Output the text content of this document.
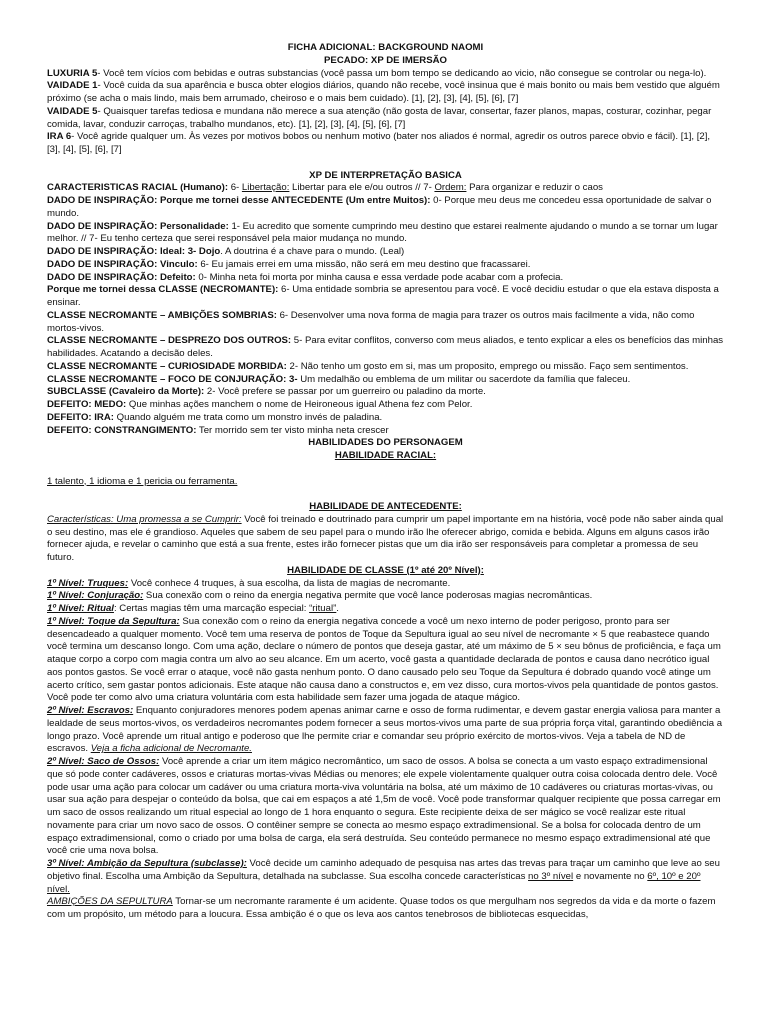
FICHA ADICIONAL: BACKGROUND NAOMI
PECADO: XP DE IMERSÃO

LUXURIA 5- Você tem vícios com bebidas e outras substancias (você passa um bom tempo se dedicando ao vicio, não consegue se controlar ou nega-lo).

VAIDADE 1- Você cuida da sua aparência e busca obter elogios diários, quando não recebe, você insinua que é mais bonito ou mais bem vestido que alguém próximo (se acha o mais lindo, mais bem arrumado, cheiroso e o mais bem cuidado). [1], [2], [3], [4], [5], [6], [7]

VAIDADE 5- Quaisquer tarefas tediosa e mundana não merece a sua atenção (não gosta de lavar, consertar, fazer planos, mapas, costurar, cozinhar, pegar comida, lavar, conduzir carroças, trabalho mundanos, etc). [1], [2], [3], [4], [5], [6], [7]

IRA 6- Você agride qualquer um. Às vezes por motivos bobos ou nenhum motivo (bater nos aliados é normal, agredir os outros parece obvio e fácil). [1], [2], [3], [4], [5], [6], [7]

XP DE INTERPRETAÇÃO BASICA

CARACTERISTICAS RACIAL (Humano): 6- Libertação: Libertar para ele e/ou outros // 7- Ordem: Para organizar e reduzir o caos

DADO DE INSPIRAÇÃO: Porque me tornei desse ANTECEDENTE (Um entre Muitos): 0- Porque meu deus me concedeu essa oportunidade de salvar o mundo.

DADO DE INSPIRAÇÃO: Personalidade: 1- Eu acredito que somente cumprindo meu destino que estarei realmente ajudando o mundo a se tornar um lugar melhor. // 7- Eu tenho certeza que serei responsável pela maior mudança no mundo.

DADO DE INSPIRAÇÃO: Ideal: 3- Dojo. A doutrina é a chave para o mundo. (Leal)

DADO DE INSPIRAÇÃO: Vinculo: 6- Eu jamais errei em uma missão, não será em meu destino que fracassarei.

DADO DE INSPIRAÇÃO: Defeito: 0- Minha neta foi morta por minha causa e essa verdade pode acabar com a profecia.

Porque me tornei dessa CLASSE (NECROMANTE): 6- Uma entidade sombria se apresentou para você. E você decidiu estudar o que ela estava disposta a ensinar.

CLASSE NECROMANTE – AMBIÇÕES SOMBRIAS: 6- Desenvolver uma nova forma de magia para trazer os outros mais facilmente a vida, não como mortos-vivos.

CLASSE NECROMANTE – DESPREZO DOS OUTROS: 5- Para evitar conflitos, converso com meus aliados, e tento explicar a eles os benefícios das minhas habilidades. Acatando a decisão deles.

CLASSE NECROMANTE – CURIOSIDADE MORBIDA: 2- Não tenho um gosto em si, mas um proposito, emprego ou missão. Faço sem sentimentos.

CLASSE NECROMANTE – FOCO DE CONJURAÇÃO: 3- Um medalhão ou emblema de um militar ou sacerdote da família que faleceu.

SUBCLASSE (Cavaleiro da Morte): 2- Você prefere se passar por um guerreiro ou paladino da morte.

DEFEITO: MEDO: Que minhas ações manchem o nome de Heironeous igual Athena fez com Pelor.

DEFEITO: IRA: Quando alguém me trata como um monstro invés de paladina.

DEFEITO: CONSTRANGIMENTO: Ter morrido sem ter visto minha neta crescer

HABILIDADES DO PERSONAGEM
HABILIDADE RACIAL:

1 talento, 1 idioma e 1 pericia ou ferramenta.

HABILIDADE DE ANTECEDENTE:

Características: Uma promessa a se Cumprir: Você foi treinado e doutrinado para cumprir um papel importante em na história, você pode não saber ainda qual o seu destino, mas ele é grandioso. Aqueles que sabem de seu papel para o mundo irão lhe oferecer abrigo, comida e bebida. Alguns em alguns casos irão fornecer ajuda, e revelar o caminho que está a sua frente, estes irão fornecer pistas que um dia irão ser responsáveis para completar a promessa de seu futuro.

HABILIDADE DE CLASSE (1º até 20º Nível):

1º Nível: Truques: Você conhece 4 truques, à sua escolha, da lista de magias de necromante.

1º Nível: Conjuração: Sua conexão com o reino da energia negativa permite que você lance poderosas magias necromânticas.

1º Nível: Ritual: Certas magias têm uma marcação especial: “ritual”.

1º Nível: Toque da Sepultura: Sua conexão com o reino da energia negativa concede a você um nexo interno de poder perigoso, pronto para ser desencadeado a qualquer momento. Você tem uma reserva de pontos de Toque da Sepultura igual ao seu nível de necromante × 5 que reabastece quando você termina um descanso longo. Com uma ação, declare o número de pontos que deseja gastar, até um máximo de 5 × seu bônus de proficiência, e faça um ataque corpo a corpo com magia contra um alvo ao seu alcance. Em um acerto, você gasta a quantidade declarada de pontos e causa dano necrótico igual aos pontos gastos. Se você errar o ataque, você não gasta nenhum ponto. O dano causado pelo seu Toque da Sepultura é dobrado quando você atinge um acerto crítico, sem gastar pontos adicionais. Este ataque não causa dano a constructos e, em vez disso, cura mortos-vivos pela quantidade de pontos gastos. Você pode ter como alvo uma criatura voluntária com esta habilidade sem fazer uma jogada de ataque mágico.

2º Nível: Escravos: Enquanto conjuradores menores podem apenas animar carne e osso de forma rudimentar, e devem gastar energia valiosa para manter a lealdade de seus mortos-vivos, os verdadeiros necromantes podem fornecer a seus mortos-vivos uma parte de sua própria força vital, garantindo obediência a longo prazo. Você aprende um ritual antigo e poderoso que lhe permite criar e comandar seu próprio exército de mortos-vivos. Veja a tabela de ND de escravos. Veja a ficha adicional de Necromante.

2º Nível: Saco de Ossos: Você aprende a criar um item mágico necromântico, um saco de ossos. A bolsa se conecta a um vasto espaço extradimensional que só pode conter cadáveres, ossos e criaturas mortas-vivas Médias ou menores; ele expele violentamente qualquer outra coisa colocada dentro dele. Você pode usar uma ação para colocar um cadáver ou uma criatura morta-viva voluntária na bolsa, até um máximo de 10 cadáveres ou criaturas mortas-vivas, ou usar sua ação para despejar o conteúdo da bolsa, que cai em espaços a até 1,5m de você. Você pode transformar qualquer recipiente que possa carregar em um saco de ossos realizando um ritual especial ao longo de 1 hora enquanto o segura. Este recipiente deixa de ser mágico se você realizar este ritual novamente para criar um novo saco de ossos. O contêiner sempre se conecta ao mesmo espaço extradimensional. Se a bolsa for colocada dentro de um espaço extradimensional, como o criado por uma bolsa de carga, ela será destruída. Seu conteúdo permanece no mesmo espaço extradimensional até que você crie uma nova bolsa.

3º Nível: Ambição da Sepultura (subclasse): Você decide um caminho adequado de pesquisa nas artes das trevas para traçar um caminho que leve ao seu objetivo final. Escolha uma Ambição da Sepultura, detalhada na subclasse. Sua escolha concede características no 3º nível e novamente no 6º, 10º e 20º nível.

AMBIÇÕES DA SEPULTURA Tornar-se um necromante raramente é um acidente. Quase todos os que mergulham nos segredos da vida e da morte o fazem com um propósito, um método para a loucura. Essa ambição é o que os leva aos cantos tenebrosos de bibliotecas esquecidas,
